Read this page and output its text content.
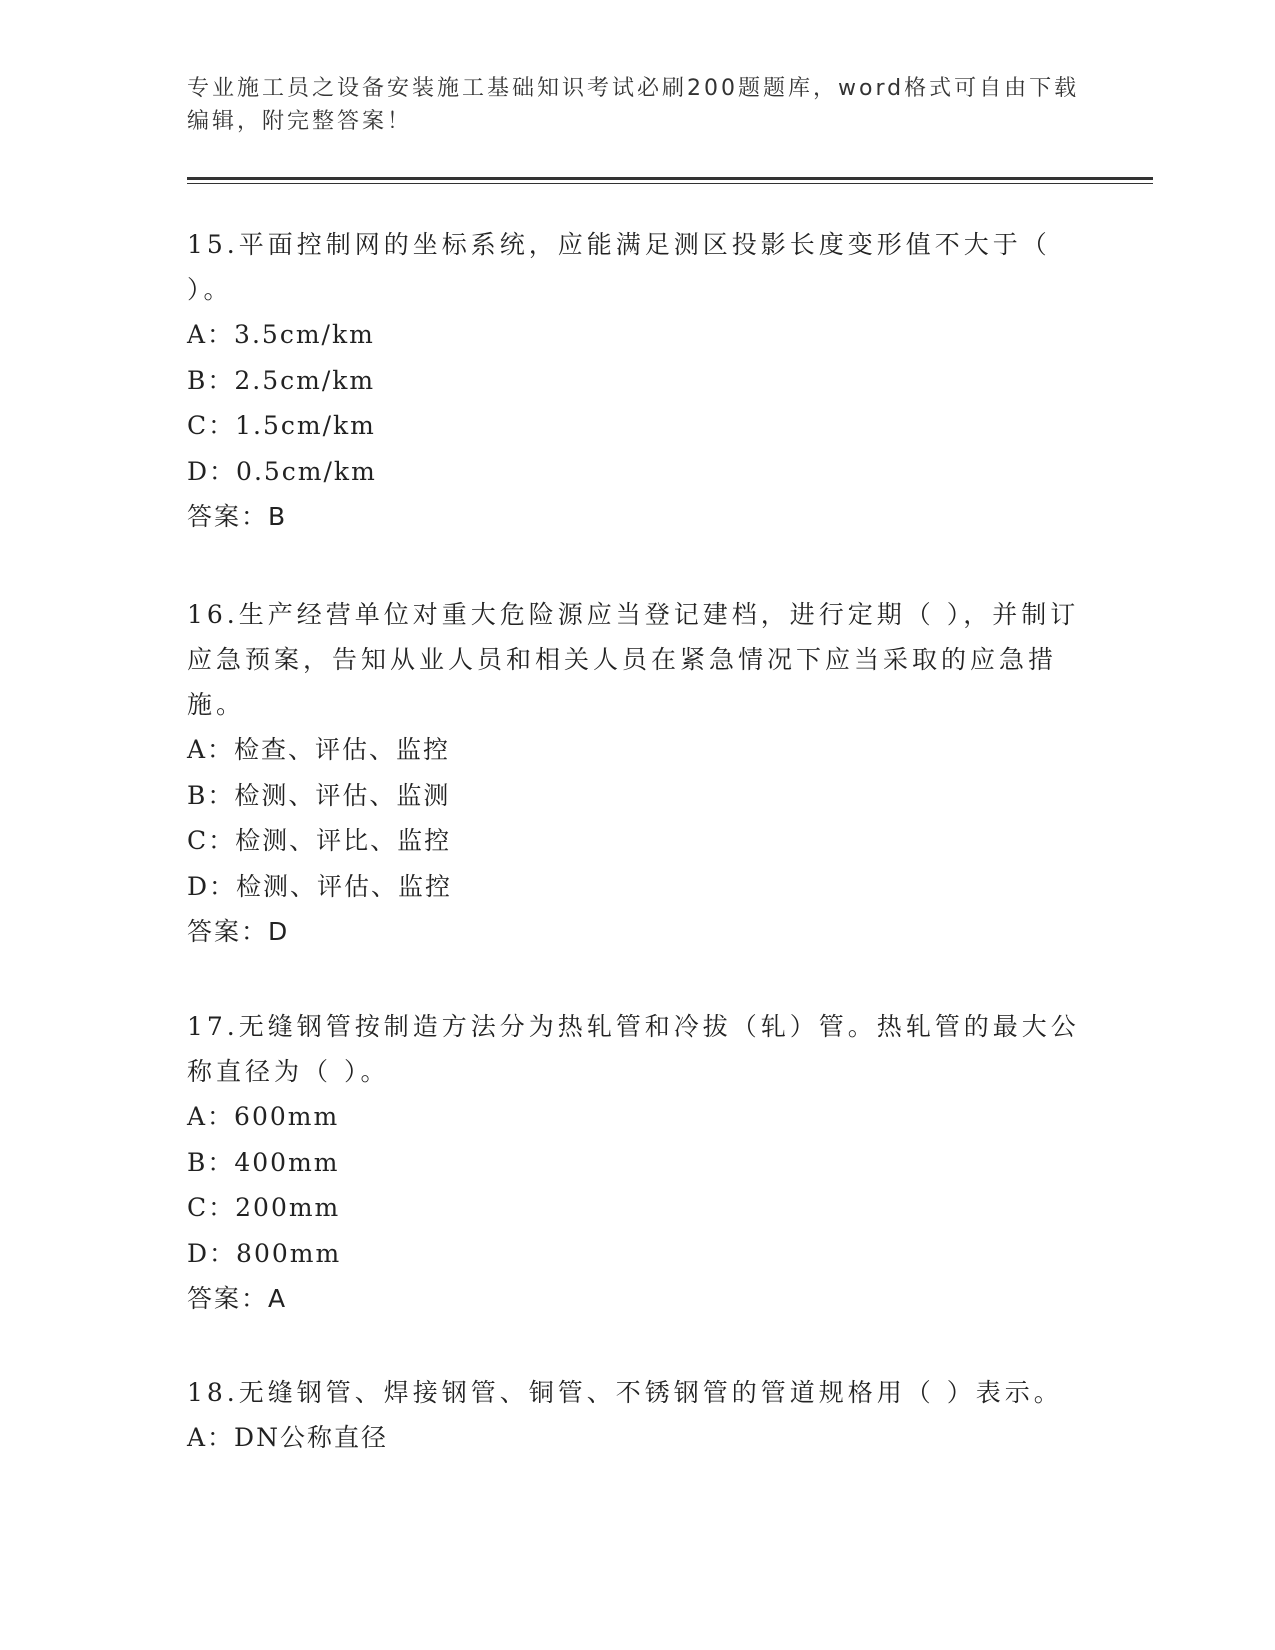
专业施工员之设备安装施工基础知识考试必刷200题题库，word格式可自由下载编辑，附完整答案！

15.平面控制网的坐标系统，应能满足测区投影长度变形值不大于（ ）。

A：3.5cm/km

B：2.5cm/km

C：1.5cm/km

D：0.5cm/km

答案：B

16.生产经营单位对重大危险源应当登记建档，进行定期（ ），并制订应急预案，告知从业人员和相关人员在紧急情况下应当采取的应急措施。

A：检查、评估、监控

B：检测、评估、监测

C：检测、评比、监控

D：检测、评估、监控

答案：D

17.无缝钢管按制造方法分为热轧管和冷拔（轧）管。热轧管的最大公称直径为（ ）。

A：600mm

B：400mm

C：200mm

D：800mm

答案：A

18.无缝钢管、焊接钢管、铜管、不锈钢管的管道规格用（ ）表示。

A：DN公称直径
